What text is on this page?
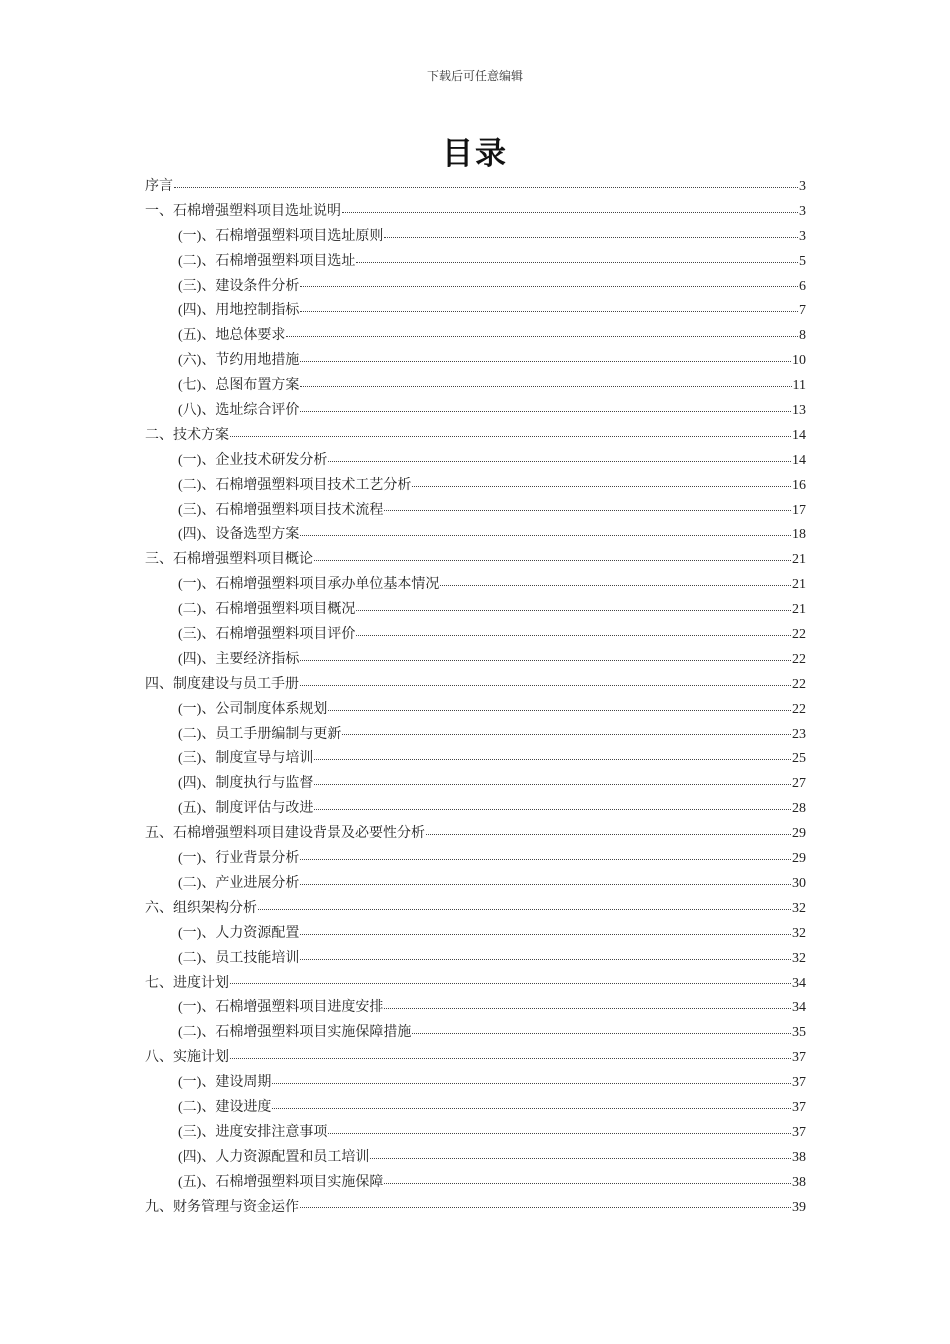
下载后可任意编辑
目录
序言	3
一、石棉增强塑料项目选址说明	3
(一)、石棉增强塑料项目选址原则	3
(二)、石棉增强塑料项目选址	5
(三)、建设条件分析	6
(四)、用地控制指标	7
(五)、地总体要求	8
(六)、节约用地措施	10
(七)、总图布置方案	11
(八)、选址综合评价	13
二、技术方案	14
(一)、企业技术研发分析	14
(二)、石棉增强塑料项目技术工艺分析	16
(三)、石棉增强塑料项目技术流程	17
(四)、设备选型方案	18
三、石棉增强塑料项目概论	21
(一)、石棉增强塑料项目承办单位基本情况	21
(二)、石棉增强塑料项目概况	21
(三)、石棉增强塑料项目评价	22
(四)、主要经济指标	22
四、制度建设与员工手册	22
(一)、公司制度体系规划	22
(二)、员工手册编制与更新	23
(三)、制度宣导与培训	25
(四)、制度执行与监督	27
(五)、制度评估与改进	28
五、石棉增强塑料项目建设背景及必要性分析	29
(一)、行业背景分析	29
(二)、产业进展分析	30
六、组织架构分析	32
(一)、人力资源配置	32
(二)、员工技能培训	32
七、进度计划	34
(一)、石棉增强塑料项目进度安排	34
(二)、石棉增强塑料项目实施保障措施	35
八、实施计划	37
(一)、建设周期	37
(二)、建设进度	37
(三)、进度安排注意事项	37
(四)、人力资源配置和员工培训	38
(五)、石棉增强塑料项目实施保障	38
九、财务管理与资金运作	39
